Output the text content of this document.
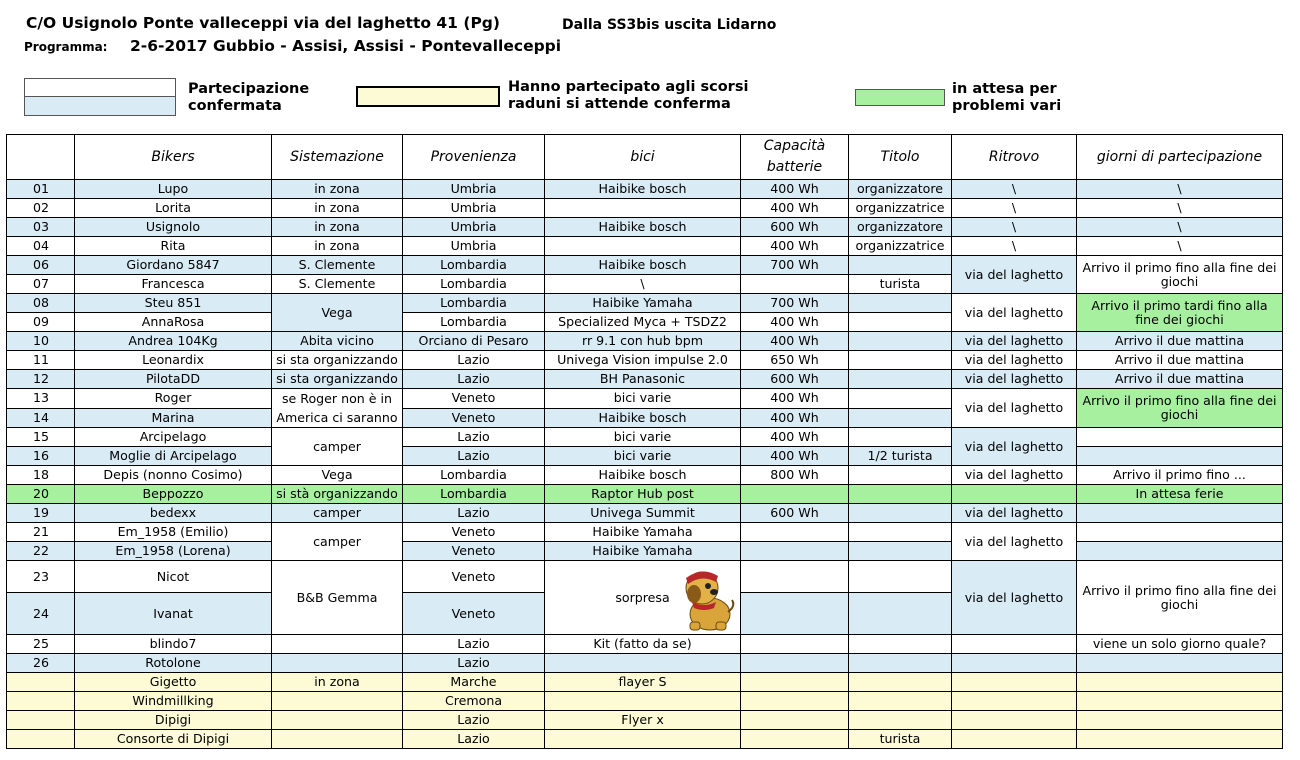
C/O Usignolo Ponte valleceppi via del laghetto 41 (Pg)	Dalla SS3bis uscita Lidarno
Programma: 2-6-2017 Gubbio - Assisi, Assisi - Pontevalleceppi
Partecipazione
confermata
Hanno partecipato agli scorsi
raduni si attende conferma
in attesa per
problemi vari
	Bikers	Sistemazione	Provenienza	bici	Capacità
batterie	Titolo	Ritrovo	giorni di partecipazione
01	Lupo	in zona	Umbria	Haibike bosch	400 Wh	organizzatore	\	\
02	Lorita	in zona	Umbria		400 Wh	organizzatrice	\	\
03	Usignolo	in zona	Umbria	Haibike bosch	600 Wh	organizzatore	\	\
04	Rita	in zona	Umbria		400 Wh	organizzatrice	\	\
06	Giordano 5847	S. Clemente	Lombardia	Haibike bosch	700 Wh		via del laghetto	Arrivo il primo fino alla fine dei giochi
07	Francesca	S. Clemente	Lombardia	\		turista		
08	Steu 851	Vega	Lombardia	Haibike Yamaha	700 Wh		via del laghetto	Arrivo il primo tardi fino alla fine dei giochi
09	AnnaRosa		Lombardia	Specialized Myca + TSDZ2	400 Wh			
10	Andrea 104Kg	Abita vicino	Orciano di Pesaro	rr 9.1 con hub bpm	400 Wh		via del laghetto	Arrivo il due mattina
11	Leonardix	si sta organizzando	Lazio	Univega Vision impulse 2.0	650 Wh		via del laghetto	Arrivo il due mattina
12	PilotaDD	si sta organizzando	Lazio	BH Panasonic	600 Wh		via del laghetto	Arrivo il due mattina
13	Roger	se Roger non è in America ci saranno	Veneto	bici varie	400 Wh		via del laghetto	Arrivo il primo fino alla fine dei giochi
14	Marina		Veneto	Haibike bosch	400 Wh			
15	Arcipelago	camper	Lazio	bici varie	400 Wh		via del laghetto	
16	Moglie di Arcipelago		Lazio	bici varie	400 Wh	1/2 turista		
18	Depis (nonno Cosimo)	Vega	Lombardia	Haibike bosch	800 Wh		via del laghetto	Arrivo il primo fino ...
20	Beppozzo	si stà organizzando	Lombardia	Raptor Hub post				In attesa ferie
19	bedexx	camper	Lazio	Univega Summit	600 Wh		via del laghetto	
21	Em_1958 (Emilio)	camper	Veneto	Haibike Yamaha			via del laghetto	
22	Em_1958 (Lorena)		Veneto	Haibike Yamaha				
23	Nicot	B&B Gemma	Veneto	sorpresa			via del laghetto	Arrivo il primo fino alla fine dei giochi
24	Ivanat		Veneto					
25	blindo7		Lazio	Kit (fatto da se)				viene un solo giorno quale?
26	Rotolone		Lazio					
	Gigetto	in zona	Marche	flayer S				
	Windmillking		Cremona					
	Dipigi		Lazio	Flyer x				
	Consorte di Dipigi		Lazio			turista		
